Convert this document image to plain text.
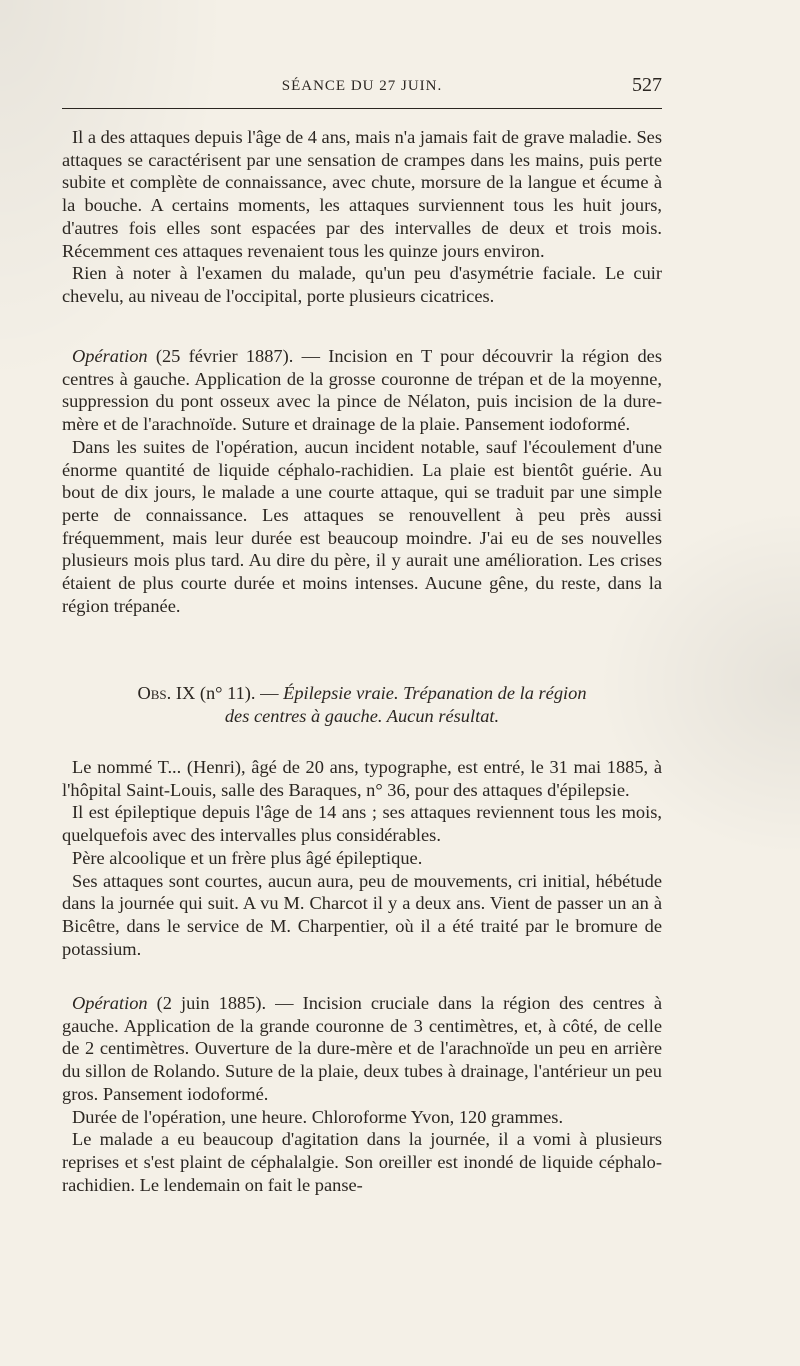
SÉANCE DU 27 JUIN.	527

Il a des attaques depuis l'âge de 4 ans, mais n'a jamais fait de grave maladie. Ses attaques se caractérisent par une sensation de crampes dans les mains, puis perte subite et complète de connaissance, avec chute, morsure de la langue et écume à la bouche. A certains moments, les attaques surviennent tous les huit jours, d'autres fois elles sont espacées par des intervalles de deux et trois mois. Récemment ces attaques revenaient tous les quinze jours environ.

Rien à noter à l'examen du malade, qu'un peu d'asymétrie faciale. Le cuir chevelu, au niveau de l'occipital, porte plusieurs cicatrices.

Opération (25 février 1887). — Incision en T pour découvrir la région des centres à gauche. Application de la grosse couronne de trépan et de la moyenne, suppression du pont osseux avec la pince de Nélaton, puis incision de la dure-mère et de l'arachnoïde. Suture et drainage de la plaie. Pansement iodoformé.

Dans les suites de l'opération, aucun incident notable, sauf l'écoulement d'une énorme quantité de liquide céphalo-rachidien. La plaie est bientôt guérie. Au bout de dix jours, le malade a une courte attaque, qui se traduit par une simple perte de connaissance. Les attaques se renouvellent à peu près aussi fréquemment, mais leur durée est beaucoup moindre. J'ai eu de ses nouvelles plusieurs mois plus tard. Au dire du père, il y aurait une amélioration. Les crises étaient de plus courte durée et moins intenses. Aucune gêne, du reste, dans la région trépanée.

Obs. IX (n° 11). — Épilepsie vraie. Trépanation de la région
des centres à gauche. Aucun résultat.

Le nommé T... (Henri), âgé de 20 ans, typographe, est entré, le 31 mai 1885, à l'hôpital Saint-Louis, salle des Baraques, n° 36, pour des attaques d'épilepsie.

Il est épileptique depuis l'âge de 14 ans ; ses attaques reviennent tous les mois, quelquefois avec des intervalles plus considérables.

Père alcoolique et un frère plus âgé épileptique.

Ses attaques sont courtes, aucun aura, peu de mouvements, cri initial, hébétude dans la journée qui suit. A vu M. Charcot il y a deux ans. Vient de passer un an à Bicêtre, dans le service de M. Charpentier, où il a été traité par le bromure de potassium.

Opération (2 juin 1885). — Incision cruciale dans la région des centres à gauche. Application de la grande couronne de 3 centimètres, et, à côté, de celle de 2 centimètres. Ouverture de la dure-mère et de l'arachnoïde un peu en arrière du sillon de Rolando. Suture de la plaie, deux tubes à drainage, l'antérieur un peu gros. Pansement iodoformé.

Durée de l'opération, une heure. Chloroforme Yvon, 120 grammes.

Le malade a eu beaucoup d'agitation dans la journée, il a vomi à plusieurs reprises et s'est plaint de céphalalgie. Son oreiller est inondé de liquide céphalo-rachidien. Le lendemain on fait le panse-
